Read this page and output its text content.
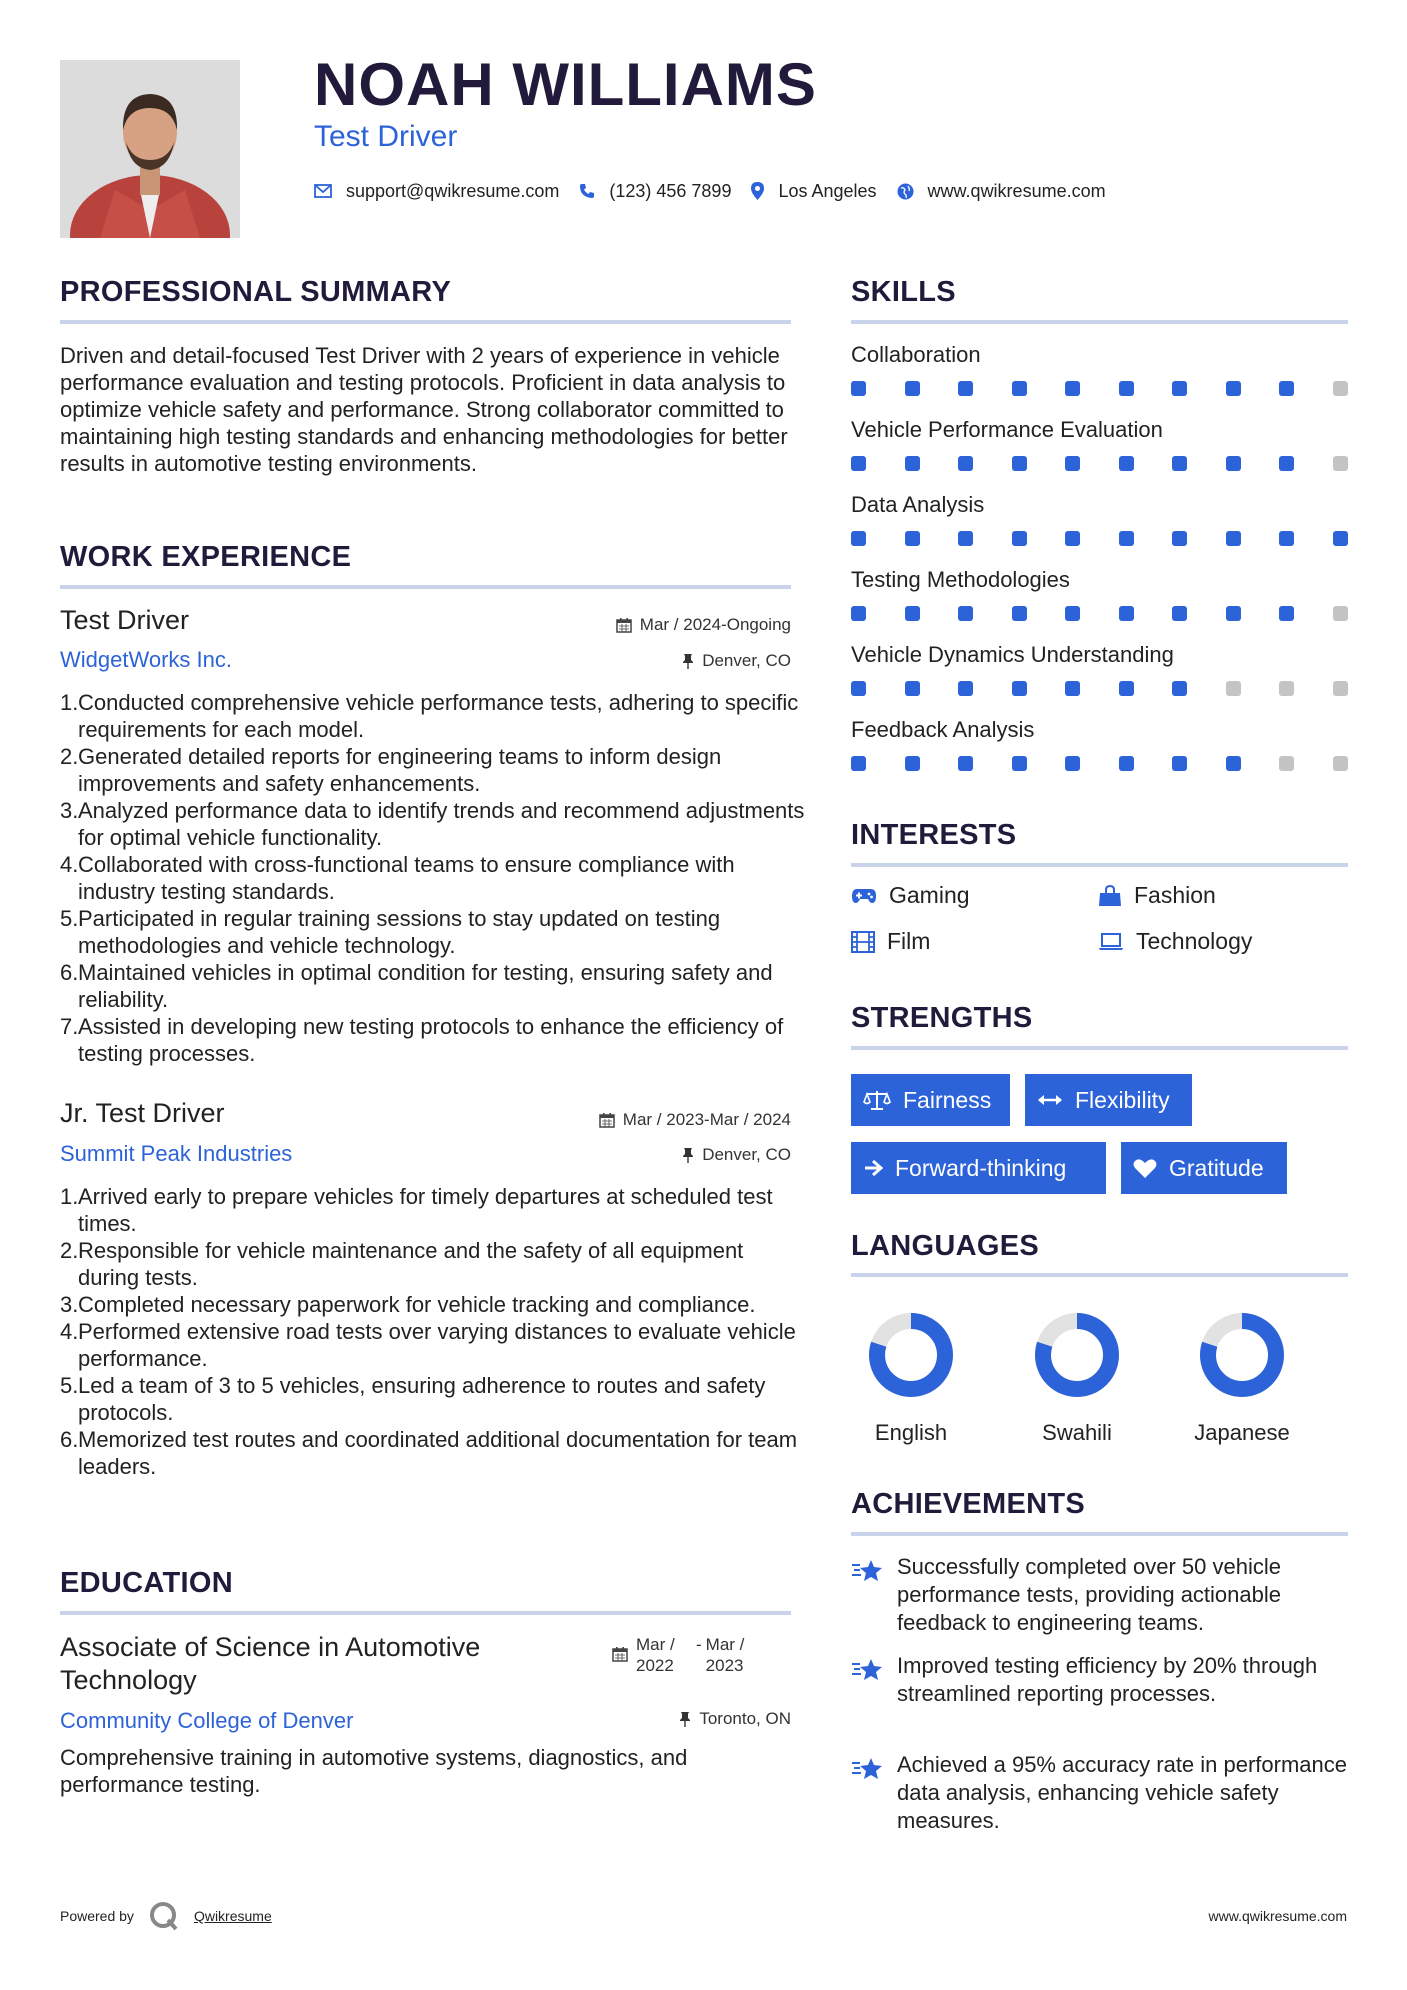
NOAH WILLIAMS
Test Driver
support@qwikresume.com	(123) 456 7899	Los Angeles	www.qwikresume.com
PROFESSIONAL SUMMARY
Driven and detail-focused Test Driver with 2 years of experience in vehicle performance evaluation and testing protocols. Proficient in data analysis to optimize vehicle safety and performance. Strong collaborator committed to maintaining high testing standards and enhancing methodologies for better results in automotive testing environments.
WORK EXPERIENCE
Test Driver	Mar / 2024-Ongoing
WidgetWorks Inc.	Denver, CO
1. Conducted comprehensive vehicle performance tests, adhering to specific requirements for each model.
2. Generated detailed reports for engineering teams to inform design improvements and safety enhancements.
3. Analyzed performance data to identify trends and recommend adjustments for optimal vehicle functionality.
4. Collaborated with cross-functional teams to ensure compliance with industry testing standards.
5. Participated in regular training sessions to stay updated on testing methodologies and vehicle technology.
6. Maintained vehicles in optimal condition for testing, ensuring safety and reliability.
7. Assisted in developing new testing protocols to enhance the efficiency of testing processes.
Jr. Test Driver	Mar / 2023-Mar / 2024
Summit Peak Industries	Denver, CO
1. Arrived early to prepare vehicles for timely departures at scheduled test times.
2. Responsible for vehicle maintenance and the safety of all equipment during tests.
3. Completed necessary paperwork for vehicle tracking and compliance.
4. Performed extensive road tests over varying distances to evaluate vehicle performance.
5. Led a team of 3 to 5 vehicles, ensuring adherence to routes and safety protocols.
6. Memorized test routes and coordinated additional documentation for team leaders.
EDUCATION
Associate of Science in Automotive Technology
Mar / 2022
- Mar / 2023
Community College of Denver	Toronto, ON
Comprehensive training in automotive systems, diagnostics, and performance testing.
SKILLS
Collaboration
Vehicle Performance Evaluation
Data Analysis
Testing Methodologies
Vehicle Dynamics Understanding
Feedback Analysis
INTERESTS
Gaming	Fashion
Film	Technology
STRENGTHS
Fairness	Flexibility
Forward-thinking	Gratitude
LANGUAGES
English	Swahili	Japanese
ACHIEVEMENTS
Successfully completed over 50 vehicle performance tests, providing actionable feedback to engineering teams.
Improved testing efficiency by 20% through streamlined reporting processes.
Achieved a 95% accuracy rate in performance data analysis, enhancing vehicle safety measures.
Powered by	Qwikresume	www.qwikresume.com
